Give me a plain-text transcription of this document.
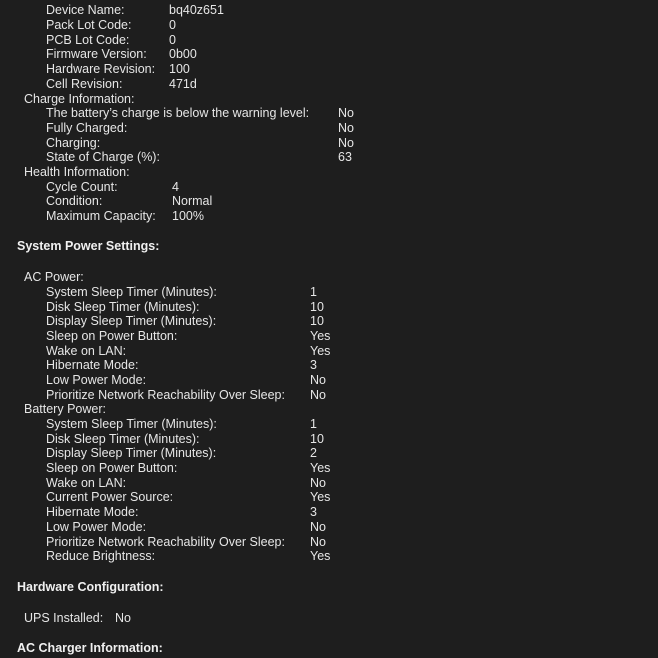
Device Name:	bq40z651
Pack Lot Code:	0
PCB Lot Code:	0
Firmware Version: 0b00
Hardware Revision: 100
Cell Revision:	471d
Charge Information:
The battery’s charge is below the warning level: No
Fully Charged:	No
Charging:	No
State of Charge (%):	63
Health Information:
Cycle Count:	4
Condition:	Normal
Maximum Capacity: 100%
System Power Settings:
AC Power:
System Sleep Timer (Minutes):	1
Disk Sleep Timer (Minutes):	10
Display Sleep Timer (Minutes):	10
Sleep on Power Button:	Yes
Wake on LAN:	Yes
Hibernate Mode:	3
Low Power Mode:	No
Prioritize Network Reachability Over Sleep: No
Battery Power:
System Sleep Timer (Minutes):	1
Disk Sleep Timer (Minutes):	10
Display Sleep Timer (Minutes):	2
Sleep on Power Button:	Yes
Wake on LAN:	No
Current Power Source:	Yes
Hibernate Mode:	3
Low Power Mode:	No
Prioritize Network Reachability Over Sleep: No
Reduce Brightness:	Yes
Hardware Configuration:
UPS Installed: No
AC Charger Information:
